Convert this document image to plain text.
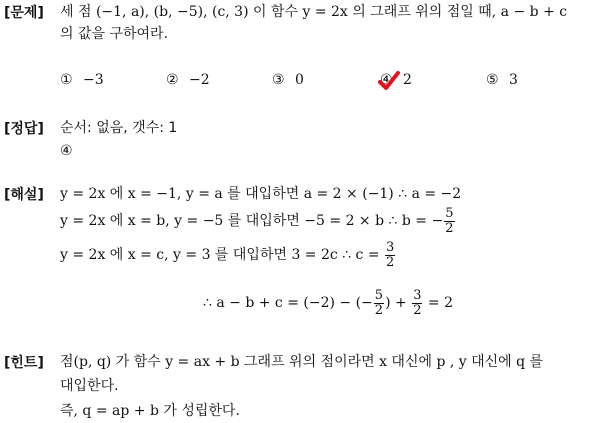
[문제] 세 점 (−1, a), (b, −5), (c, 3) 이 함수 y = 2x 의 그래프 위의 점일 때, a − b + c
의 값을 구하여라.
① −3	② −2	③ 0	④ 2	⑤ 3
[정답] 순서: 없음, 갯수: 1
④
[해설] y = 2x 에 x = −1, y = a 를 대입하면 a = 2 × (−1) ∴ a = −2
y = 2x 에 x = b, y = −5 를 대입하면 −5 = 2 × b ∴ b = − $\frac{5}{2}$
y = 2x 에 x = c, y = 3 를 대입하면 3 = 2c ∴ $c = \frac{3}{2}$
∴ a − b + c = (−2) − (− $\frac{5}{2}$ ) + $\frac{3}{2} = 2$
[힌트] 점(p, q) 가 함수 y = ax + b 그래프 위의 점이라면 x 대신에 p , y 대신에 q 를
대입한다.
즉, q = ap + b 가 성립한다.
